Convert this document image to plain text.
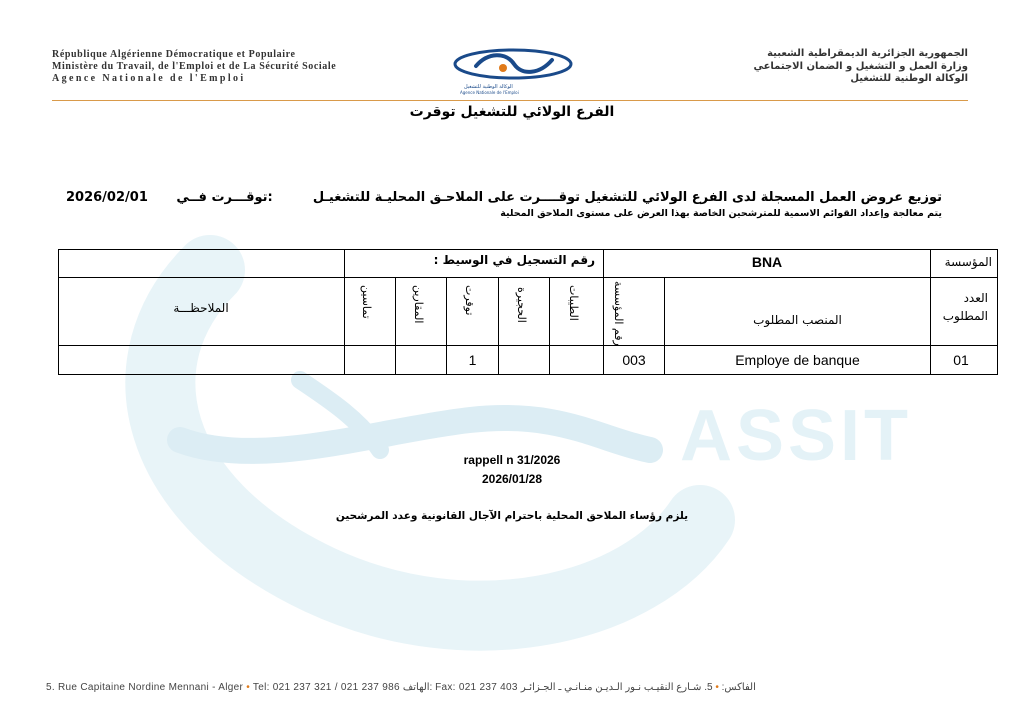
ASSIT
République Algérienne Démocratique et Populaire
Ministère du Travail, de l'Emploi et de La Sécurité Sociale
Agence Nationale de l'Emploi
الوكالة الوطنية للتشغيل
Agence Nationale de l'Emploi
الجمهورية الجزائرية الديمقراطية الشعبية
وزارة العمل و التشغيل و الضمان الاجتماعي
الوكالة الوطنية للتشغيل
الفرع الولائي للتشغيل توقرت
توزيع عروض العمل المسجلة لدى الفرع الولائي للتشغيل توقــــرت على الملاحـق المحليـة للتشغيـل
يتم معالجة وإعداد القوائم الاسمية للمترشحين الخاصة بهذا العرض على مستوى الملاحق المحلية
2026/02/01 توقـــرت فــي:
المؤسسة
BNA
رقم التسجيل في الوسيط :
العدد المطلوب
المنصب المطلوب
رقم المؤسسة
الطيبات
الحجيرة
توقرت
المقارين
تماسين
الملاحظـــة
01
Employe de banque
003
1
rappell n 31/2026
2026/01/28
يلزم رؤساء الملاحق المحلية باحترام الآجال القانونية وعدد المرشحين
5. Rue Capitaine Nordine Mennani - Alger • Tel: 021 237 321 / 021 237 986 الهاتف: Fax: 021 237 403	الفاكس: • 5. شـارع النقيـب نـور الـديـن منـانـي ـ الجـزائـر
